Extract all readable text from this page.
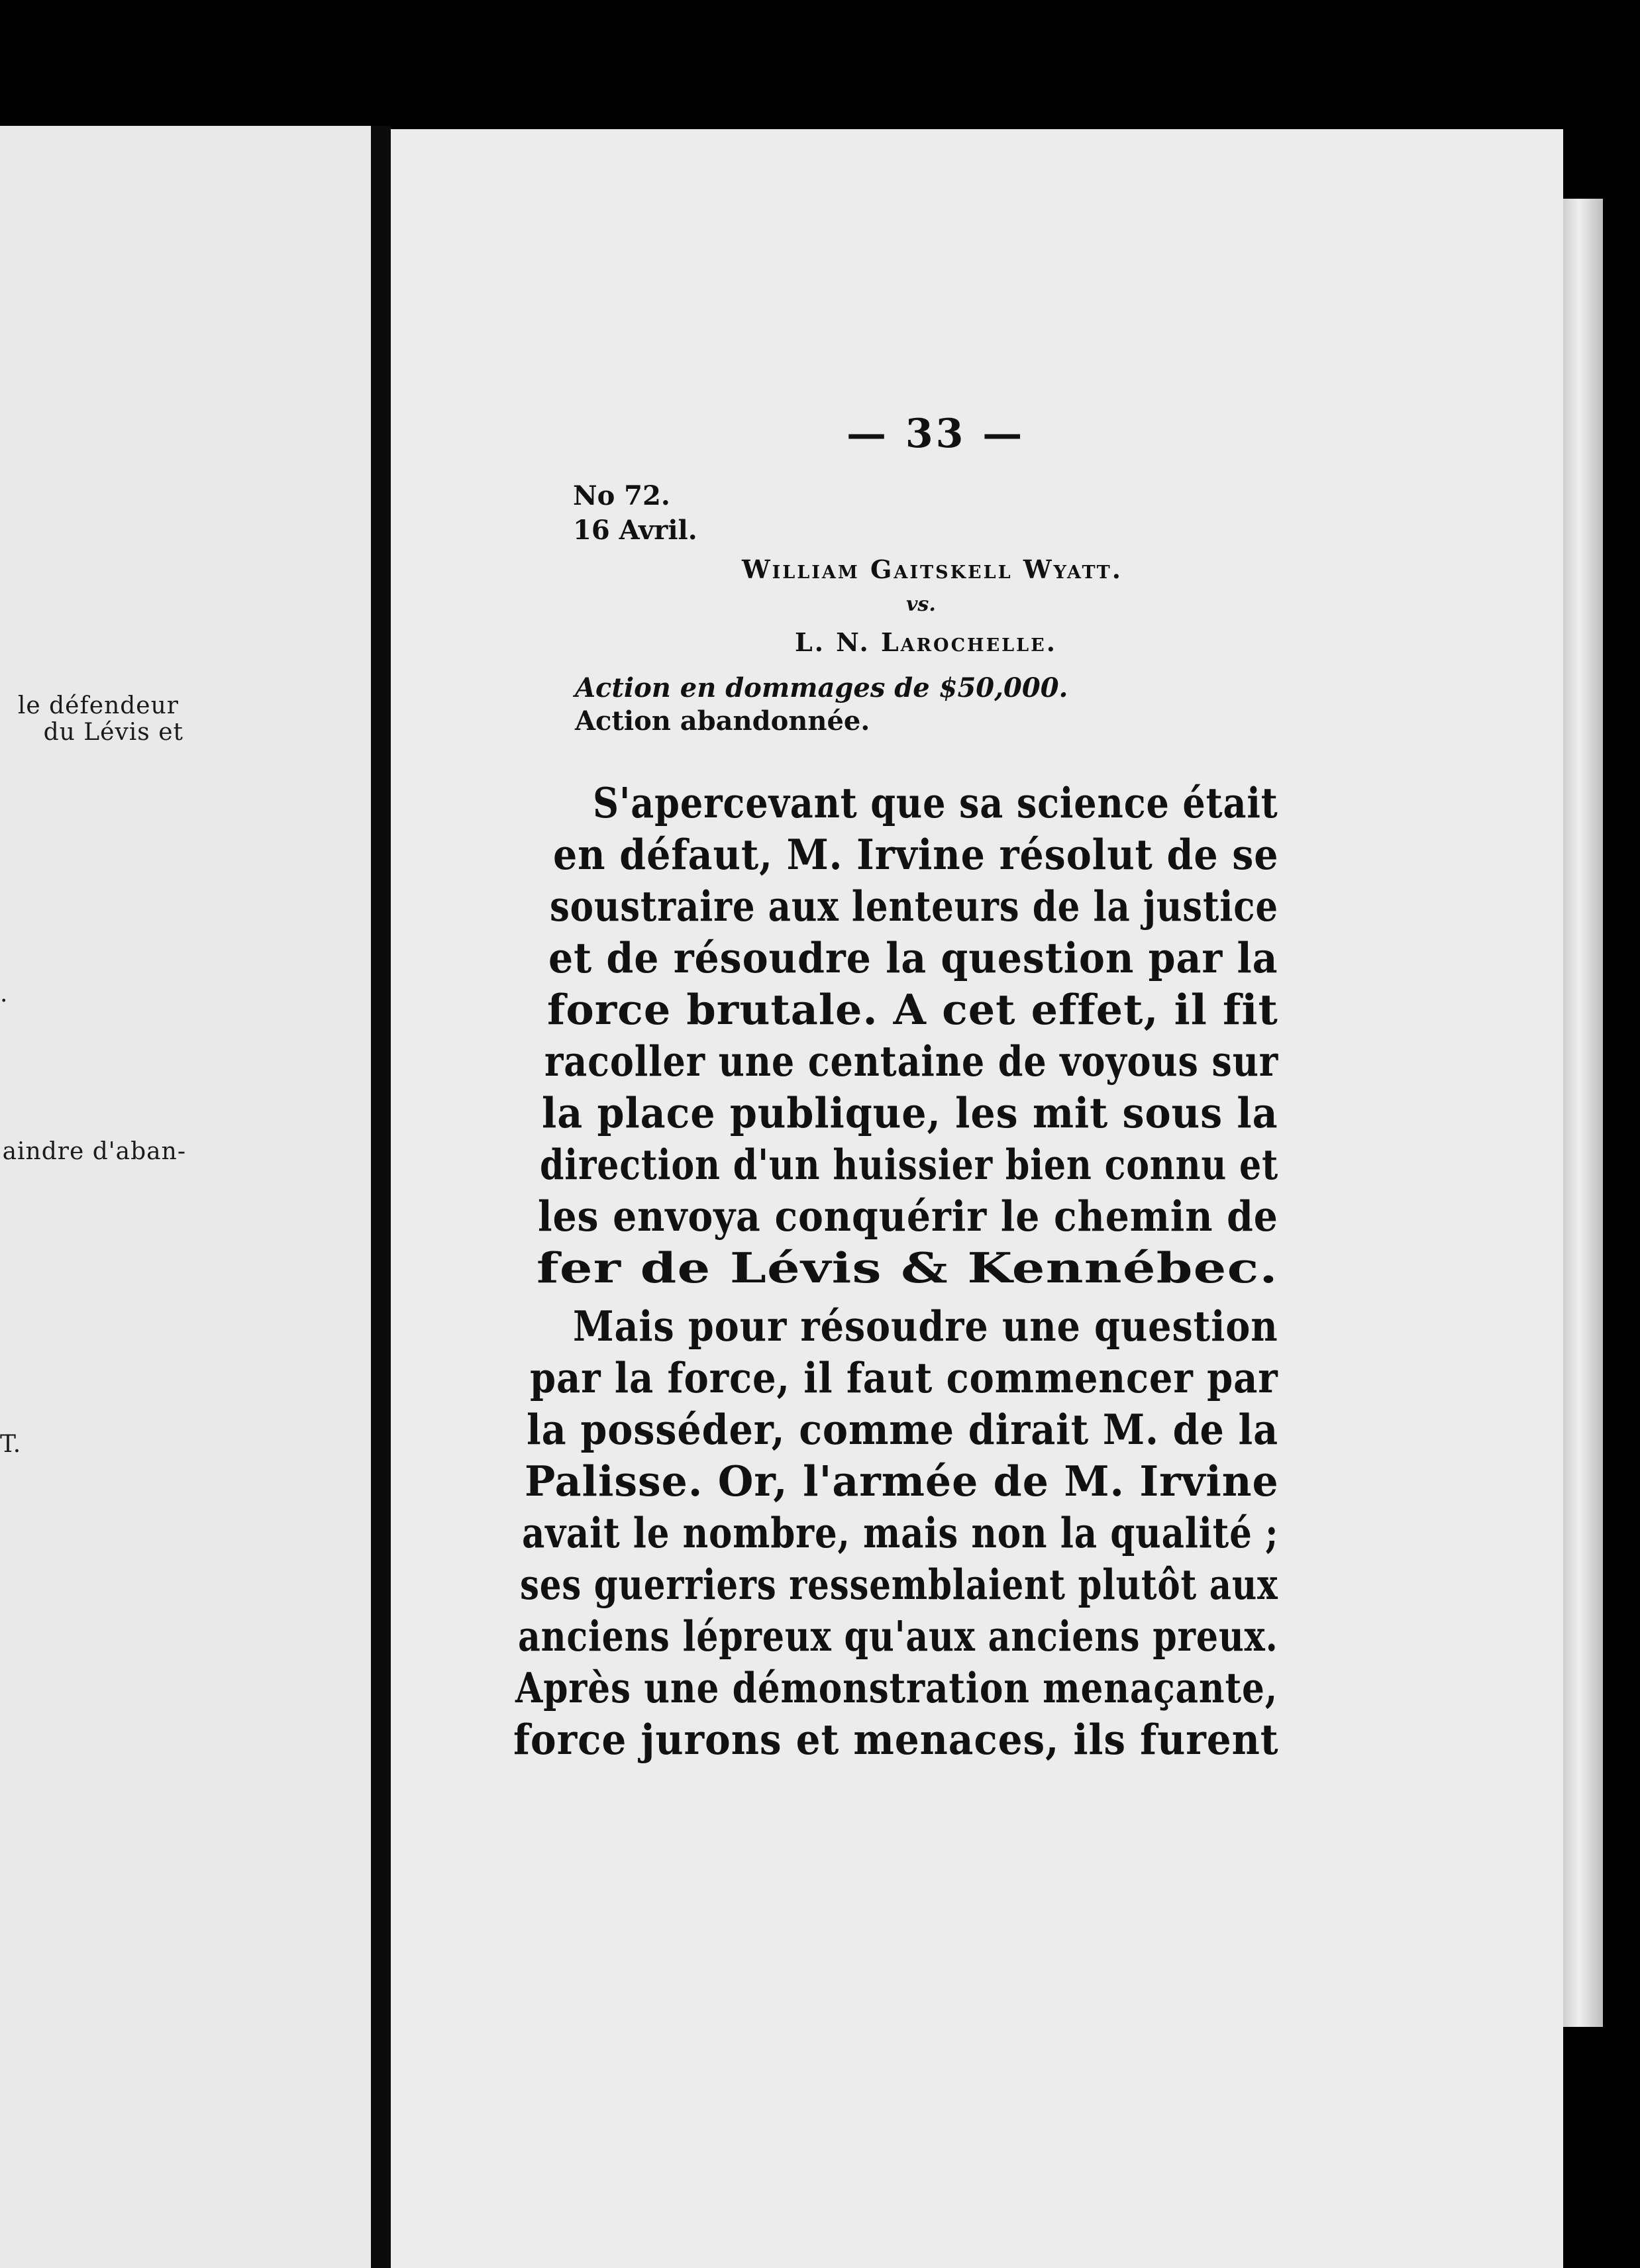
le défendeur
du Lévis et
.
aindre d'aban-
T.
— 33 —
No 72.
16 Avril.
William Gaitskell Wyatt.
vs.
L. N. Larochelle.
Action en dommages de $50,000.
Action abandonnée.
S'apercevant que sa science était
en défaut, M. Irvine résolut de se
soustraire aux lenteurs de la justice
et de résoudre la question par la
force brutale. A cet effet, il fit
racoller une centaine de voyous sur
la place publique, les mit sous la
direction d'un huissier bien connu et
les envoya conquérir le chemin de
fer de Lévis & Kennébec.
Mais pour résoudre une question
par la force, il faut commencer par
la posséder, comme dirait M. de la
Palisse. Or, l'armée de M. Irvine
avait le nombre, mais non la qualité ;
ses guerriers ressemblaient plutôt aux
anciens lépreux qu'aux anciens preux.
Après une démonstration menaçante,
force jurons et menaces, ils furent
